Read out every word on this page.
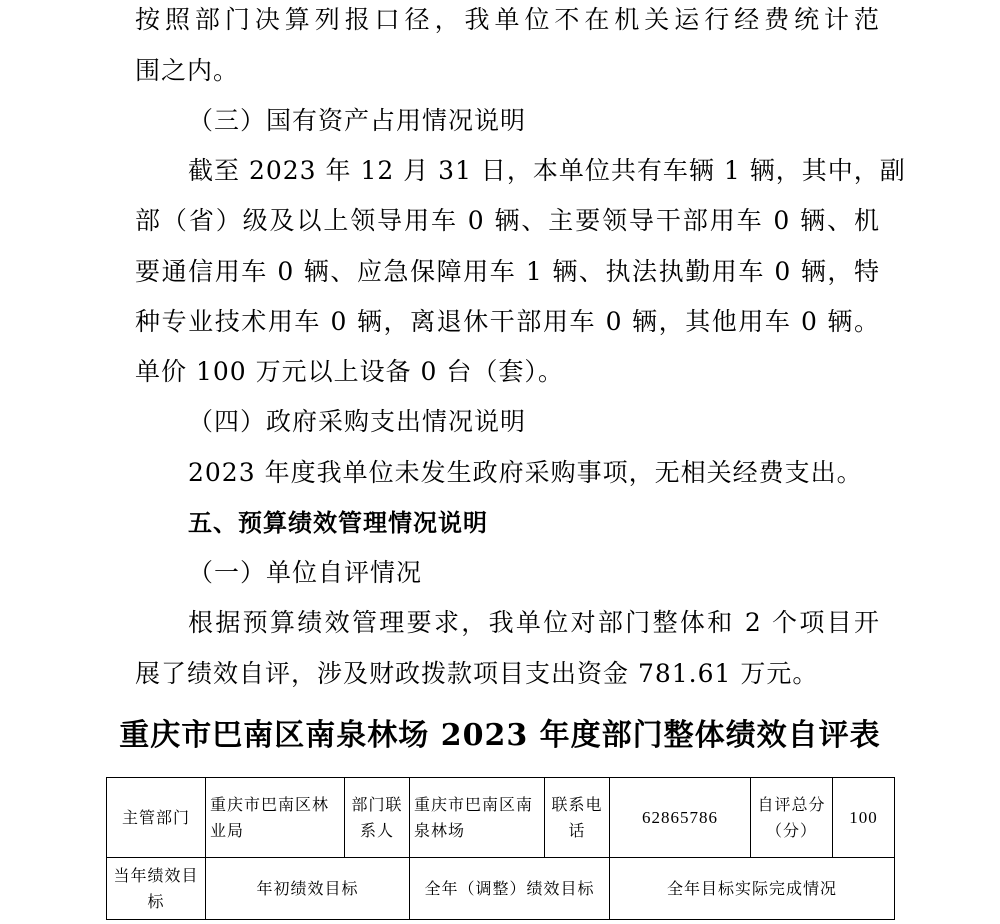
按照部门决算列报口径，我单位不在机关运行经费统计范
围之内。
（三）国有资产占用情况说明
截至 2023 年 12 月 31 日，本单位共有车辆 1 辆，其中，副
部（省）级及以上领导用车 0 辆、主要领导干部用车 0 辆、机
要通信用车 0 辆、应急保障用车 1 辆、执法执勤用车 0 辆，特
种专业技术用车 0 辆，离退休干部用车 0 辆，其他用车 0 辆。
单价 100 万元以上设备 0 台（套）。
（四）政府采购支出情况说明
2023 年度我单位未发生政府采购事项，无相关经费支出。
五、预算绩效管理情况说明
（一）单位自评情况
根据预算绩效管理要求，我单位对部门整体和 2 个项目开
展了绩效自评，涉及财政拨款项目支出资金 781.61 万元。
重庆市巴南区南泉林场 2023 年度部门整体绩效自评表
主管部门	重庆市巴南区林业局	部门联系人	重庆市巴南区南泉林场	联系电话	62865786	自评总分（分）	100
当年绩效目标	年初绩效目标		全年（调整）绩效目标		全年目标实际完成情况		
